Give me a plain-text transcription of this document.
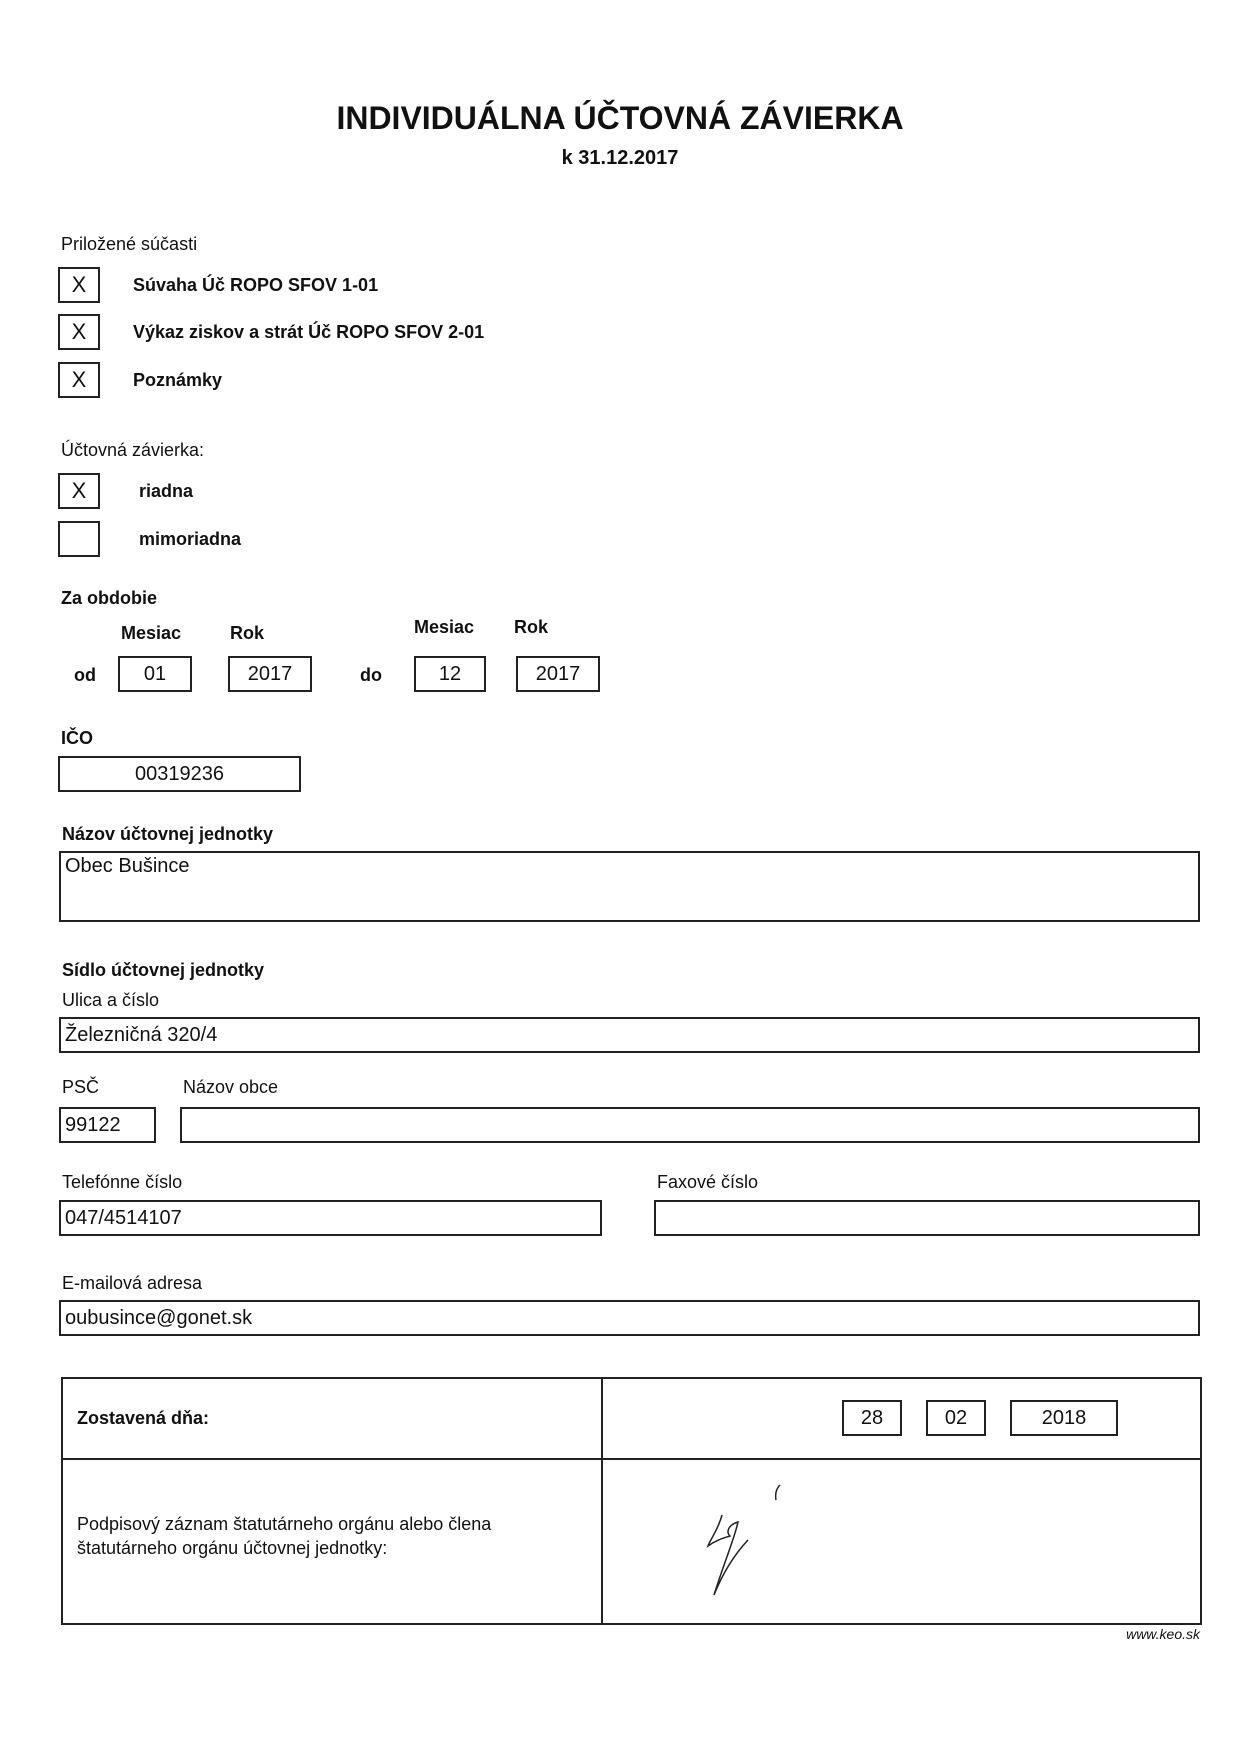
INDIVIDUÁLNA ÚČTOVNÁ ZÁVIERKA
k 31.12.2017
Priložené súčasti
X	Súvaha Úč ROPO SFOV 1-01
X	Výkaz ziskov a strát Úč ROPO SFOV 2-01
X	Poznámky
Účtovná závierka:
X	riadna
mimoriadna
Za obdobie
Mesiac	Rok	Mesiac Rok
od	01	2017	do	12	2017
IČO
00319236
Názov účtovnej jednotky
Obec Bušince
Sídlo účtovnej jednotky
Ulica a číslo
Železničná 320/4
PSČ	Názov obce
99122
Telefónne číslo	Faxové číslo
047/4514107
E-mailová adresa
oubusince@gonet.sk
Zostavená dňa:	28	02	2018
Podpisový záznam štatutárneho orgánu alebo člena štatutárneho orgánu účtovnej jednotky:
www.keo.sk
